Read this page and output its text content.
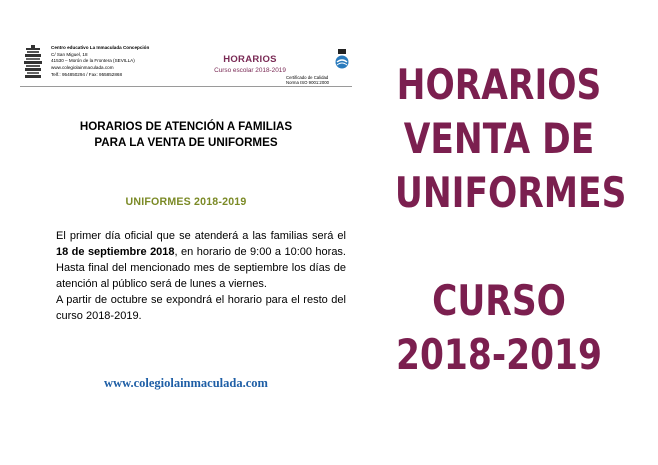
Centro educativo La Inmaculada Concepción
C/ San Miguel, 18
41530 – Morón de la Frontera (SEVILLA)
www.colegiolainmaculada.com
Telf.: 954850294 / Fax: 955852868
HORARIOS
Curso escolar 2018-2019
Certificado de Calidad
Norma ISO 9001:2000
HORARIOS DE ATENCIÓN A FAMILIAS
PARA LA VENTA DE UNIFORMES
UNIFORMES 2018-2019

El primer día oficial que se atenderá a las familias será el 18 de septiembre 2018, en horario de 9:00 a 10:00 horas. Hasta final del mencionado mes de septiembre los días de atención al público será de lunes a viernes.

A partir de octubre se expondrá el horario para el resto del curso 2018-2019.

www.colegiolainmaculada.com
HORARIOS
VENTA DE
UNIFORMES
CURSO
2018-2019
